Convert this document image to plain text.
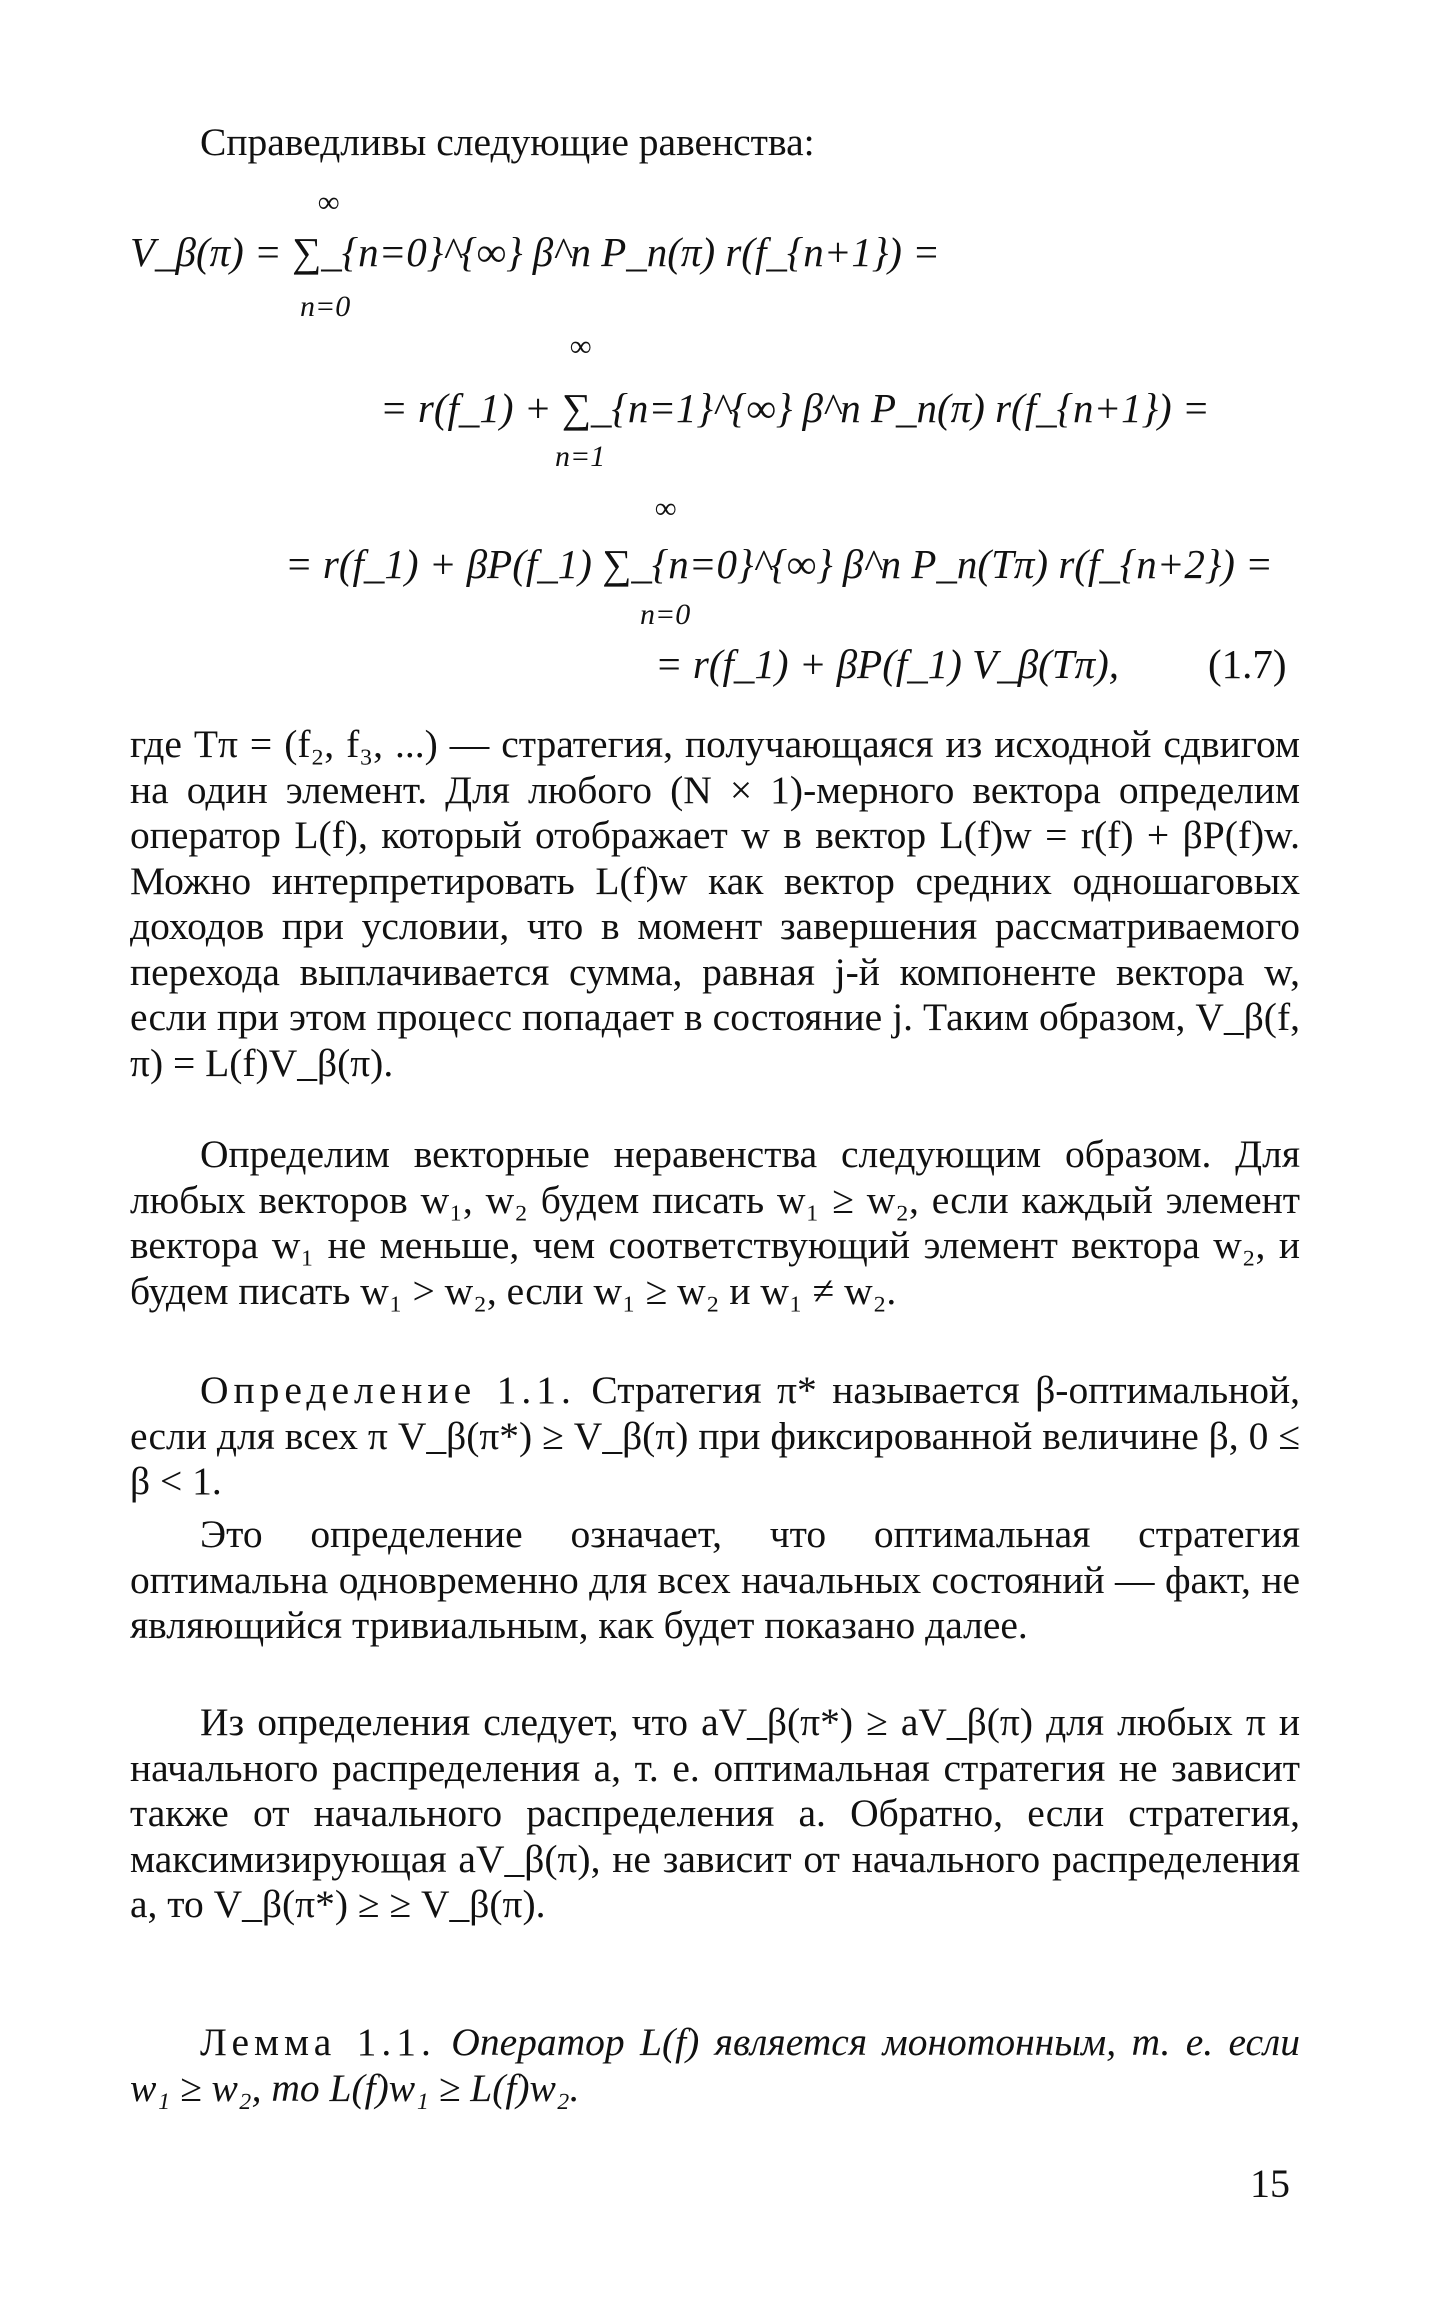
Справедливы следующие равенства:

∞
V_β(π) = ∑_{n=0}^{∞} β^n P_n(π) r(f_{n+1}) =
n=0
∞
= r(f_1) + ∑_{n=1}^{∞} β^n P_n(π) r(f_{n+1}) =
n=1
∞
= r(f_1) + βP(f_1) ∑_{n=0}^{∞} β^n P_n(Tπ) r(f_{n+2}) =
n=0
= r(f_1) + βP(f_1) V_β(Tπ), (1.7)

где Tπ = (f₂, f₃, ...) — стратегия, получающаяся из исходной сдвигом на один элемент. Для любого (N × 1)-мерного вектора определим оператор L(f), который отображает w в вектор L(f)w = r(f) + βP(f)w. Можно интерпретировать L(f)w как вектор средних одношаговых доходов при условии, что в момент завершения рассматриваемого перехода выплачивается сумма, равная j-й компоненте вектора w, если при этом процесс попадает в состояние j. Таким образом, V_β(f, π) = L(f)V_β(π).

Определим векторные неравенства следующим образом. Для любых векторов w₁, w₂ будем писать w₁ ≥ w₂, если каждый элемент вектора w₁ не меньше, чем соответствующий элемент вектора w₂, и будем писать w₁ > w₂, если w₁ ≥ w₂ и w₁ ≠ w₂.

Определение 1.1. Стратегия π* называется β-оптимальной, если для всех π V_β(π*) ≥ V_β(π) при фиксированной величине β, 0 ≤ β < 1.

Это определение означает, что оптимальная стратегия оптимальна одновременно для всех начальных состояний — факт, не являющийся тривиальным, как будет показано далее.

Из определения следует, что aV_β(π*) ≥ aV_β(π) для любых π и начального распределения a, т. е. оптимальная стратегия не зависит также от начального распределения a. Обратно, если стратегия, максимизирующая aV_β(π), не зависит от начального распределения a, то V_β(π*) ≥ ≥ V_β(π).

Лемма 1.1. Оператор L(f) является монотонным, т. е. если w₁ ≥ w₂, то L(f)w₁ ≥ L(f)w₂.

15
